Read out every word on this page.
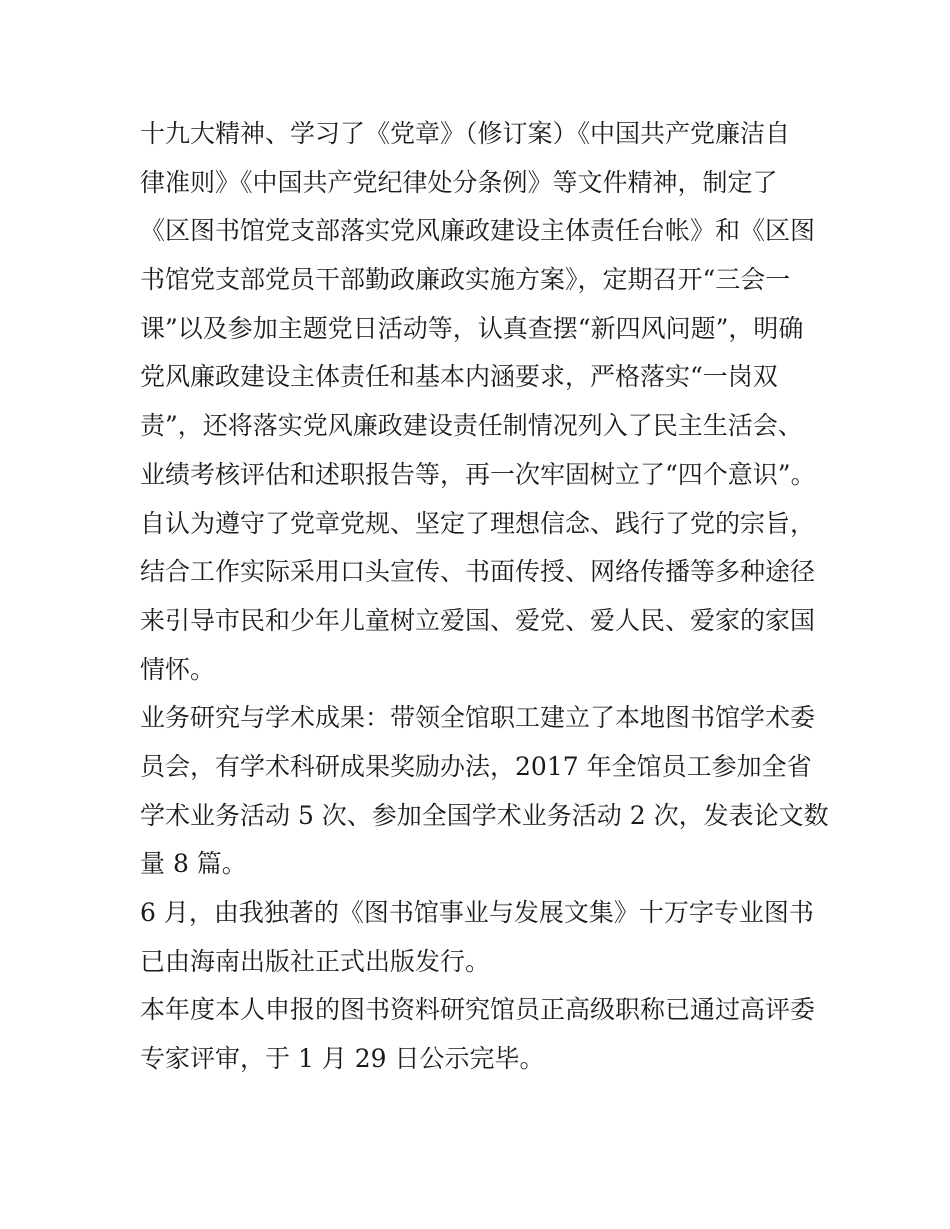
十九大精神、学习了《党章》（修订案）《中国共产党廉洁自
律准则》《中国共产党纪律处分条例》等文件精神，制定了
《区图书馆党支部落实党风廉政建设主体责任台帐》和《区图
书馆党支部党员干部勤政廉政实施方案》，定期召开“三会一
课”以及参加主题党日活动等，认真查摆“新四风问题”，明确
党风廉政建设主体责任和基本内涵要求，严格落实“一岗双
责”，还将落实党风廉政建设责任制情况列入了民主生活会、
业绩考核评估和述职报告等，再一次牢固树立了“四个意识”。
自认为遵守了党章党规、坚定了理想信念、践行了党的宗旨，
结合工作实际采用口头宣传、书面传授、网络传播等多种途径
来引导市民和少年儿童树立爱国、爱党、爱人民、爱家的家国
情怀。
业务研究与学术成果：带领全馆职工建立了本地图书馆学术委
员会，有学术科研成果奖励办法，2017 年全馆员工参加全省
学术业务活动 5 次、参加全国学术业务活动 2 次，发表论文数
量 8 篇。
6 月，由我独著的《图书馆事业与发展文集》十万字专业图书
已由海南出版社正式出版发行。
本年度本人申报的图书资料研究馆员正高级职称已通过高评委
专家评审，于 1 月 29 日公示完毕。
